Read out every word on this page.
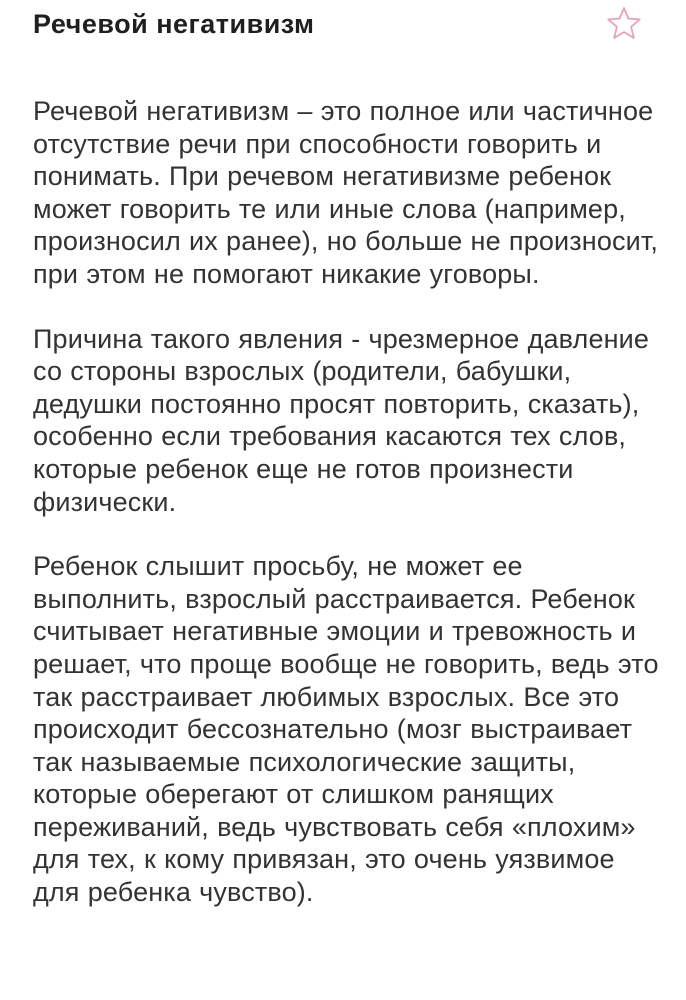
Речевой негативизм

Речевой негативизм – это полное или частичное отсутствие речи при способности говорить и понимать. При речевом негативизме ребенок может говорить те или иные слова (например, произносил их ранее), но больше не произносит, при этом не помогают никакие уговоры.

Причина такого явления - чрезмерное давление со стороны взрослых (родители, бабушки, дедушки постоянно просят повторить, сказать), особенно если требования касаются тех слов, которые ребенок еще не готов произнести физически.

Ребенок слышит просьбу, не может ее выполнить, взрослый расстраивается. Ребенок считывает негативные эмоции и тревожность и решает, что проще вообще не говорить, ведь это так расстраивает любимых взрослых. Все это происходит бессознательно (мозг выстраивает так называемые психологические защиты, которые оберегают от слишком ранящих переживаний, ведь чувствовать себя «плохим» для тех, к кому привязан, это очень уязвимое для ребенка чувство).
